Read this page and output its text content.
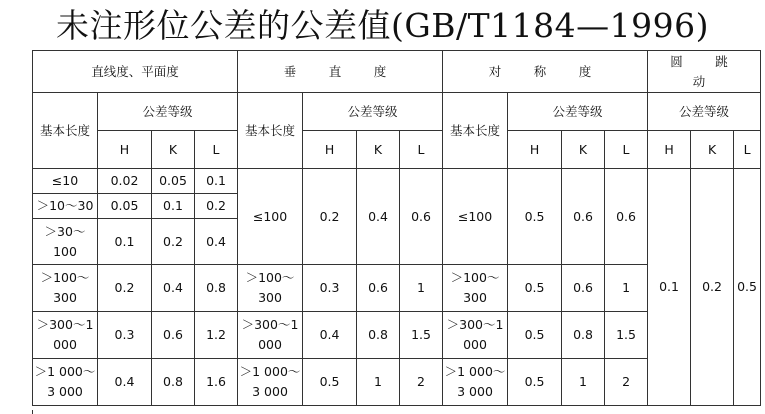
未注形位公差的公差值(GB/T1184—1996)
直线度、平面度				垂　直　度				对　称　度				圆　跳　动		
基本长度	公差等级			基本长度	公差等级			基本长度	公差等级			公差等级		
	H	K	L		H	K	L		H	K	L	H	K	L
≤10	0.02	0.05	0.1	≤100	0.2	0.4	0.6	≤100	0.5	0.6	0.6	0.1	0.2	0.5
＞10～30	0.05	0.1	0.2											
＞30～100	0.1	0.2	0.4											
＞100～300	0.2	0.4	0.8	＞100～300	0.3	0.6	1	＞100～300	0.5	0.6	1			
＞300～1 000	0.3	0.6	1.2	＞300～1 000	0.4	0.8	1.5	＞300～1 000	0.5	0.8	1.5			
＞1 000～3 000	0.4	0.8	1.6	＞1 000～3 000	0.5	1	2	＞1 000～3 000	0.5	1	2			
